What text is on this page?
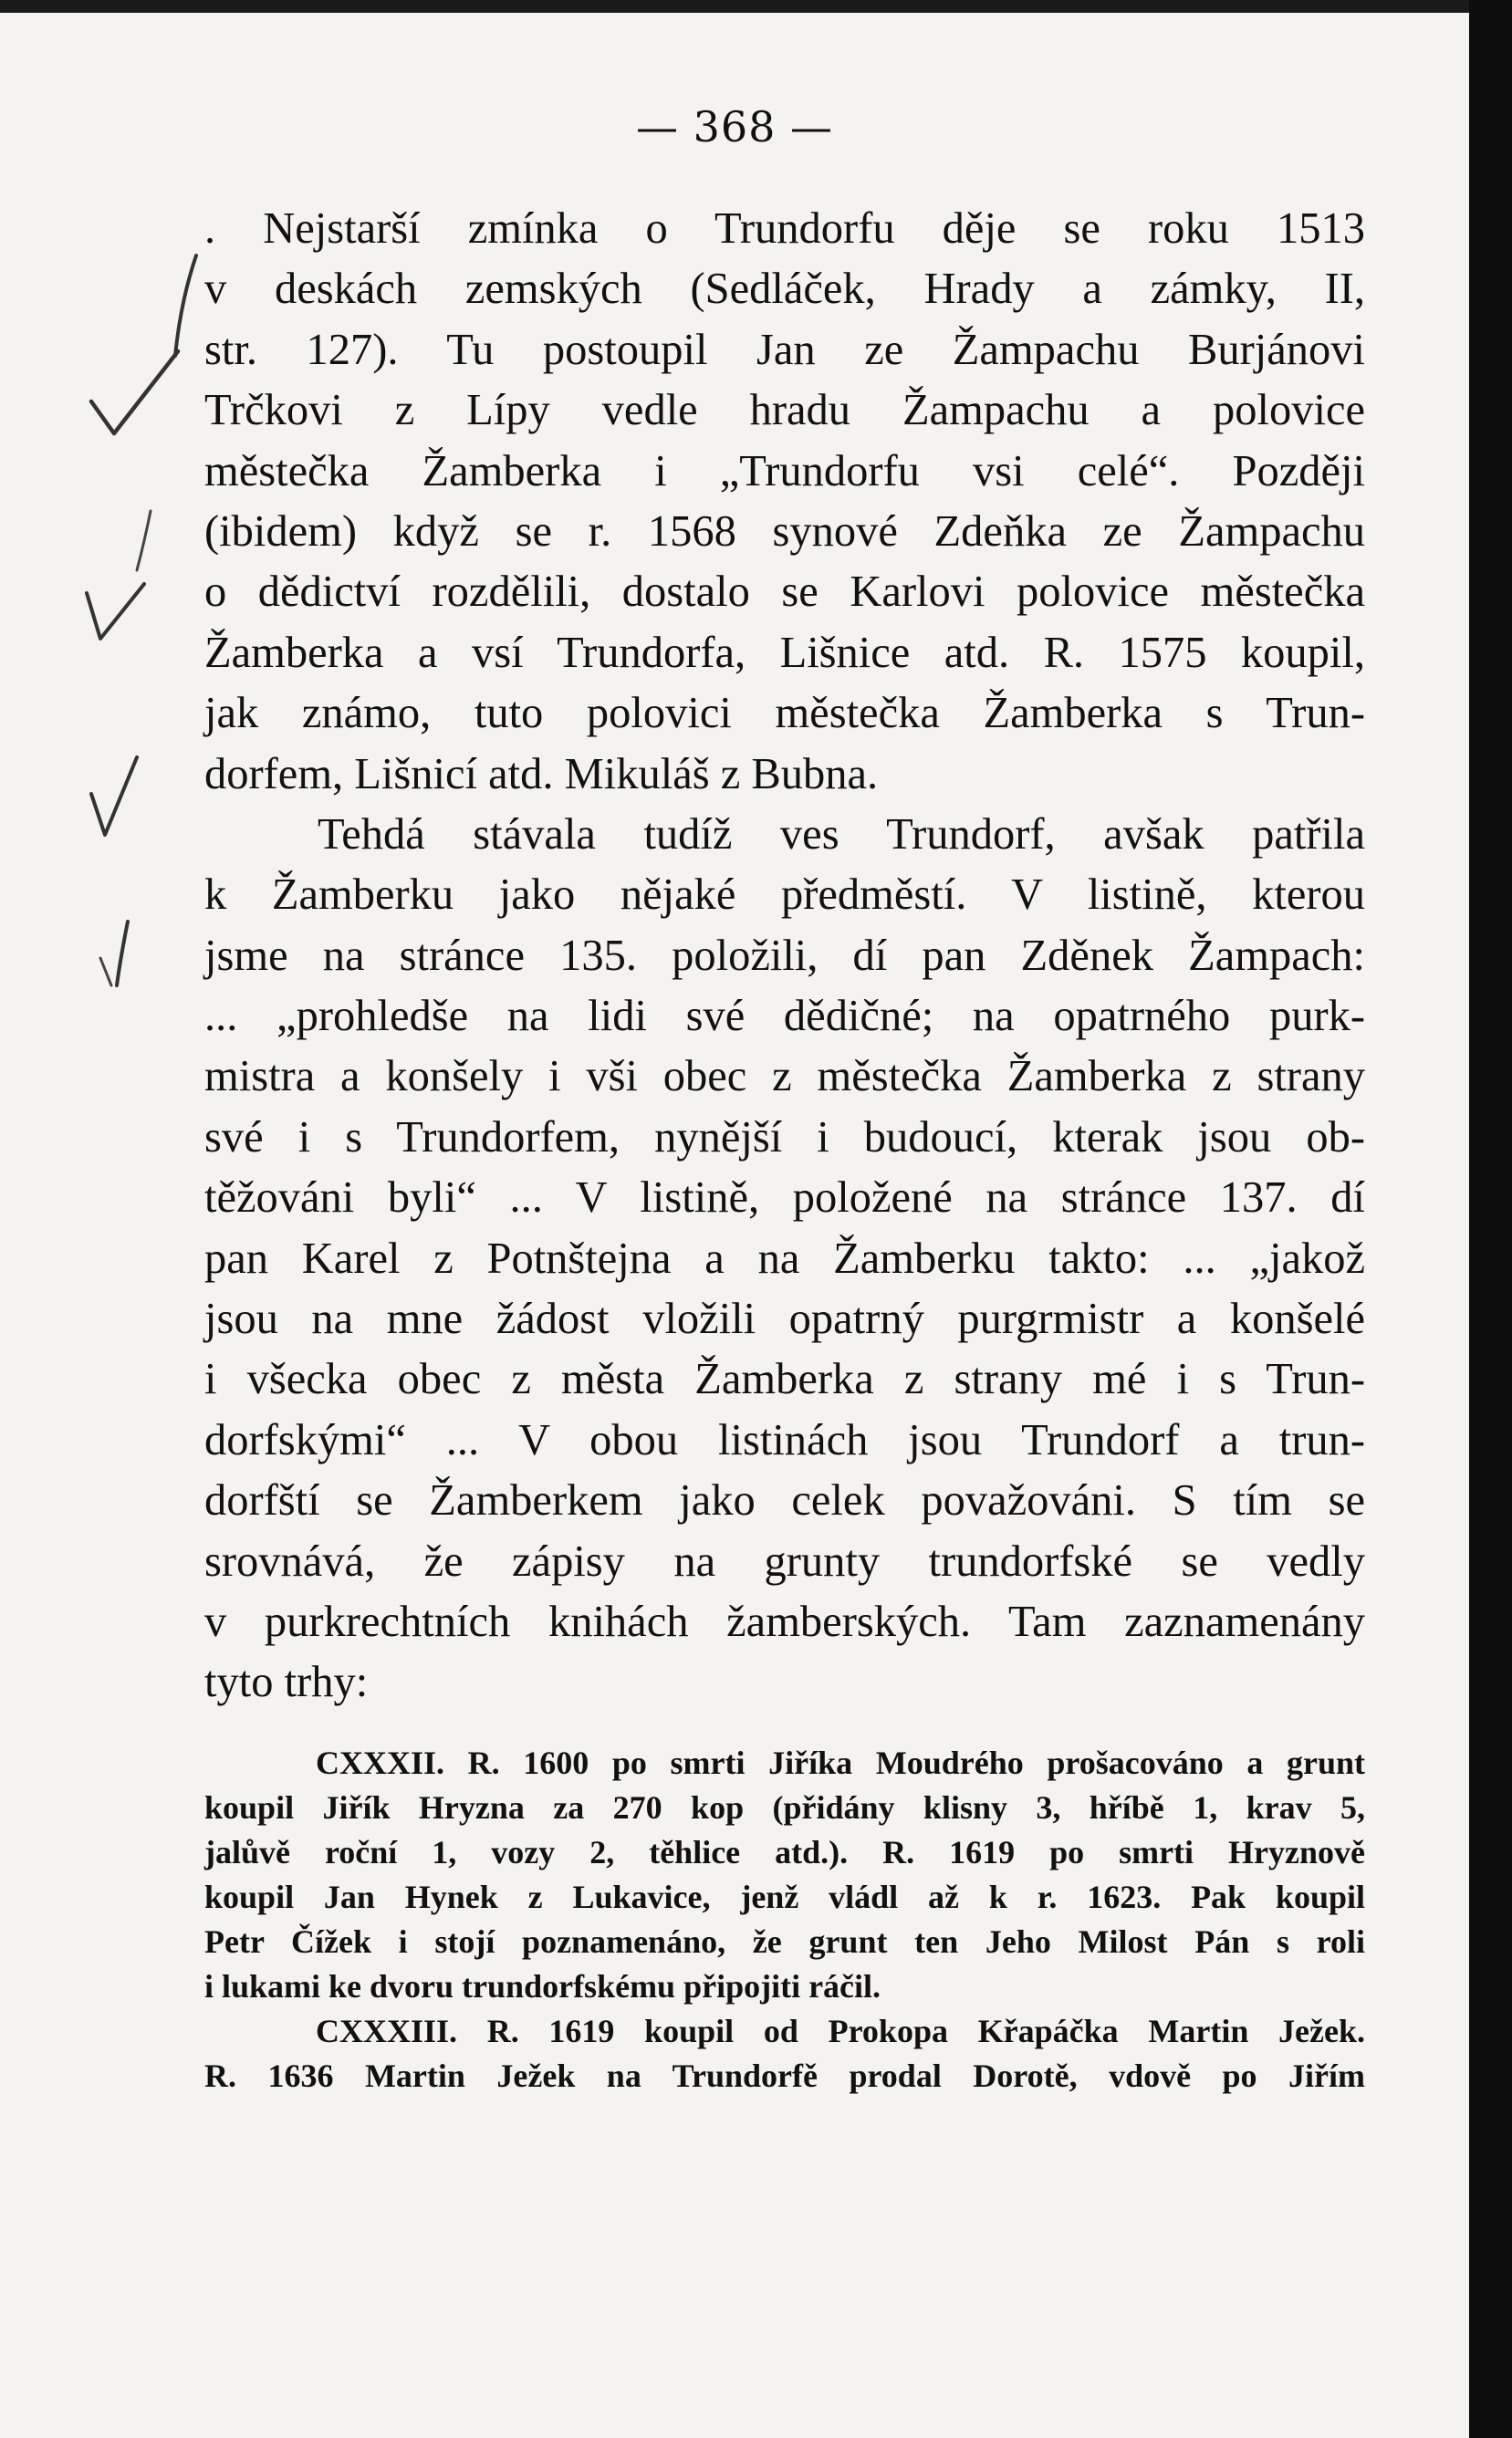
— 368 —
. Nejstarší zmínka o Trundorfu děje se roku 1513
v deskách zemských (Sedláček, Hrady a zámky, II,
str. 127). Tu postoupil Jan ze Žampachu Burjánovi
Trčkovi z Lípy vedle hradu Žampachu a polovice
městečka Žamberka i „Trundorfu vsi celé“. Později
(ibidem) když se r. 1568 synové Zdeňka ze Žampachu
o dědictví rozdělili, dostalo se Karlovi polovice městečka
Žamberka a vsí Trundorfa, Lišnice atd. R. 1575 koupil,
jak známo, tuto polovici městečka Žamberka s Trun-
dorfem, Lišnicí atd. Mikuláš z Bubna.
Tehdá stávala tudíž ves Trundorf, avšak patřila
k Žamberku jako nějaké předměstí. V listině, kterou
jsme na stránce 135. položili, dí pan Zděnek Žampach:
... „prohledše na lidi své dědičné; na opatrného purk-
mistra a konšely i vši obec z městečka Žamberka z strany
své i s Trundorfem, nynější i budoucí, kterak jsou ob-
těžováni byli“ ... V listině, položené na stránce 137. dí
pan Karel z Potnštejna a na Žamberku takto: ... „jakož
jsou na mne žádost vložili opatrný purgrmistr a konšelé
i všecka obec z města Žamberka z strany mé i s Trun-
dorfskými“ ... V obou listinách jsou Trundorf a trun-
dorfští se Žamberkem jako celek považováni. S tím se
srovnává, že zápisy na grunty trundorfské se vedly
v purkrechtních knihách žamberských. Tam zaznamenány
tyto trhy:
CXXXII. R. 1600 po smrti Jiříka Moudrého prošacováno a grunt
koupil Jiřík Hryzna za 270 kop (přidány klisny 3, hříbě 1, krav 5,
jalůvě roční 1, vozy 2, těhlice atd.). R. 1619 po smrti Hryznově
koupil Jan Hynek z Lukavice, jenž vládl až k r. 1623. Pak koupil
Petr Čížek i stojí poznamenáno, že grunt ten Jeho Milost Pán s roli
i lukami ke dvoru trundorfskému připojiti ráčil.
CXXXIII. R. 1619 koupil od Prokopa Křapáčka Martin Ježek.
R. 1636 Martin Ježek na Trundorfě prodal Dorotě, vdově po Jiřím
